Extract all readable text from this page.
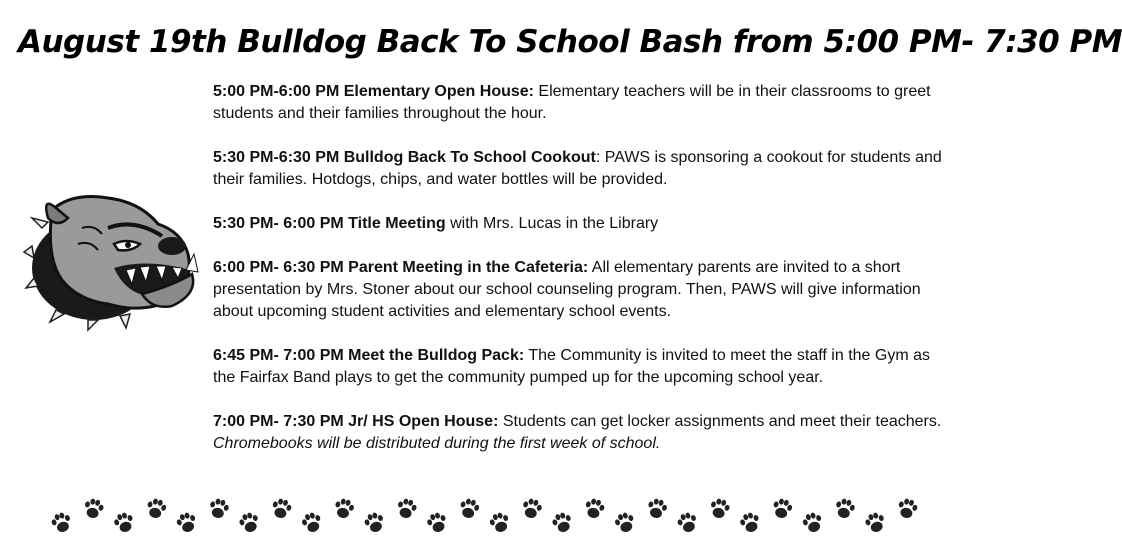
August 19th Bulldog Back To School Bash from 5:00 PM- 7:30 PM

5:00 PM-6:00 PM Elementary Open House: Elementary teachers will be in their classrooms to greet students and their families throughout the hour.

5:30 PM-6:30 PM Bulldog Back To School Cookout: PAWS is sponsoring a cookout for students and their families. Hotdogs, chips, and water bottles will be provided.

5:30 PM- 6:00 PM Title Meeting with Mrs. Lucas in the Library

6:00 PM- 6:30 PM Parent Meeting in the Cafeteria: All elementary parents are invited to a short presentation by Mrs. Stoner about our school counseling program. Then, PAWS will give information about upcoming student activities and elementary school events.

6:45 PM- 7:00 PM Meet the Bulldog Pack: The Community is invited to meet the staff in the Gym as the Fairfax Band plays to get the community pumped up for the upcoming school year.

7:00 PM- 7:30 PM Jr/ HS Open House: Students can get locker assignments and meet their teachers. Chromebooks will be distributed during the first week of school.
